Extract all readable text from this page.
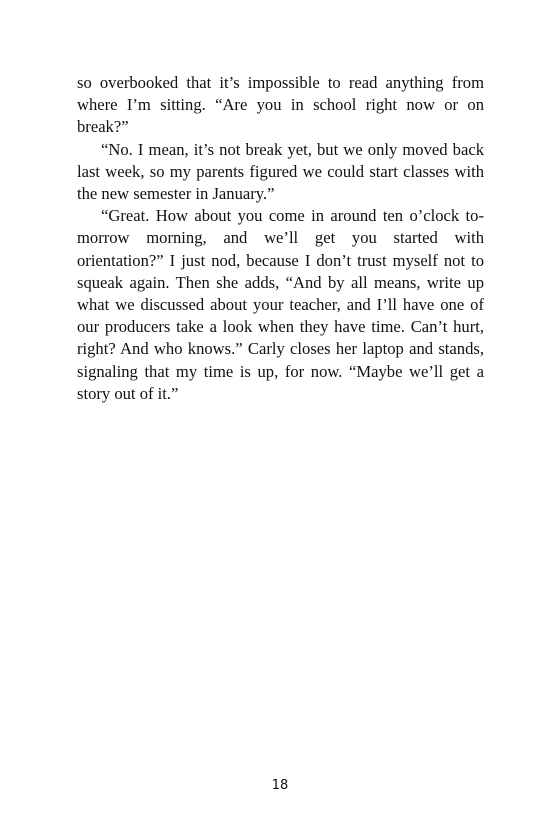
so overbooked that it’s impossible to read anything from where I’m sitting. “Are you in school right now or on break?”

“No. I mean, it’s not break yet, but we only moved back last week, so my parents figured we could start classes with the new semester in January.”

“Great. How about you come in around ten o’clock tomorrow morning, and we’ll get you started with orientation?” I just nod, because I don’t trust myself not to squeak again. Then she adds, “And by all means, write up what we discussed about your teacher, and I’ll have one of our producers take a look when they have time. Can’t hurt, right? And who knows.” Carly closes her laptop and stands, signaling that my time is up, for now. “Maybe we’ll get a story out of it.”

18
